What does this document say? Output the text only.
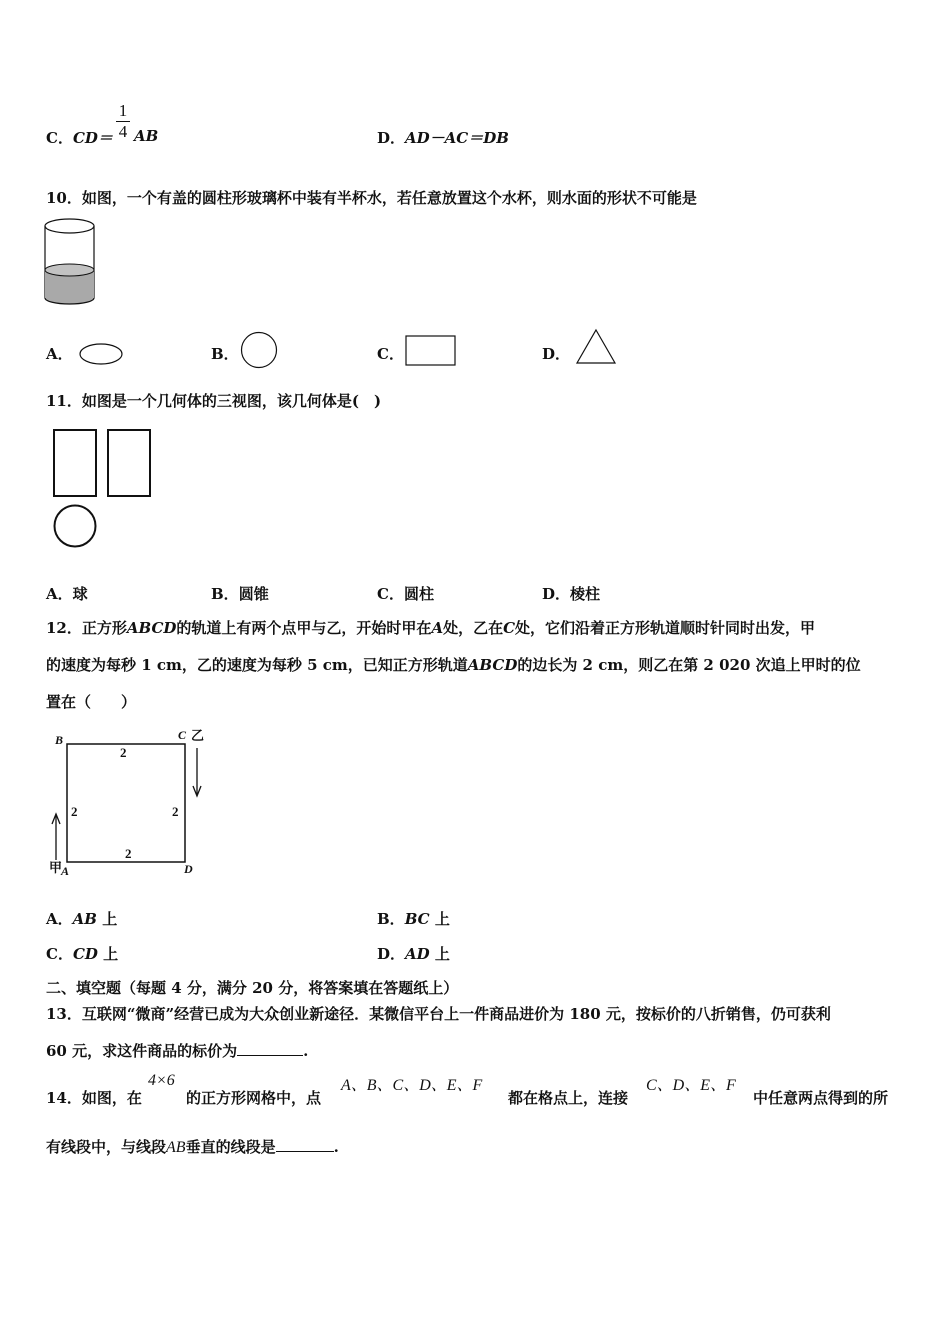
C．CD＝
1
4 AB	D．AD－AC＝DB
10．如图，一个有盖的圆柱形玻璃杯中装有半杯水，若任意放置这个水杯，则水面的形状不可能是
A．	B．	C．	D．
11．如图是一个几何体的三视图，该几何体是(　)
A．球	B．圆锥	C．圆柱	D．棱柱
12．正方形ABCD的轨道上有两个点甲与乙，开始时甲在A处，乙在C处，它们沿着正方形轨道顺时针同时出发，甲
的速度为每秒 1 cm，乙的速度为每秒 5 cm，已知正方形轨道ABCD的边长为 2 cm，则乙在第 2 020 次追上甲时的位
置在（　　）
B	C 乙
D
甲
A
2
2	2
2
A．AB 上	B．BC 上
C．CD 上	D．AD 上
二、填空题（每题 4 分，满分 20 分，将答案填在答题纸上）
13．互联网“微商”经营已成为大众创业新途径．某微信平台上一件商品进价为 180 元，按标价的八折销售，仍可获利
60 元，求这件商品的标价为	.
14．如图，在
4×6
的正方形网格中，点
A、B、C、D、E、F
都在格点上，连接
C、D、E、F
中任意两点得到的所
有线段中，与线段AB垂直的线段是	.
